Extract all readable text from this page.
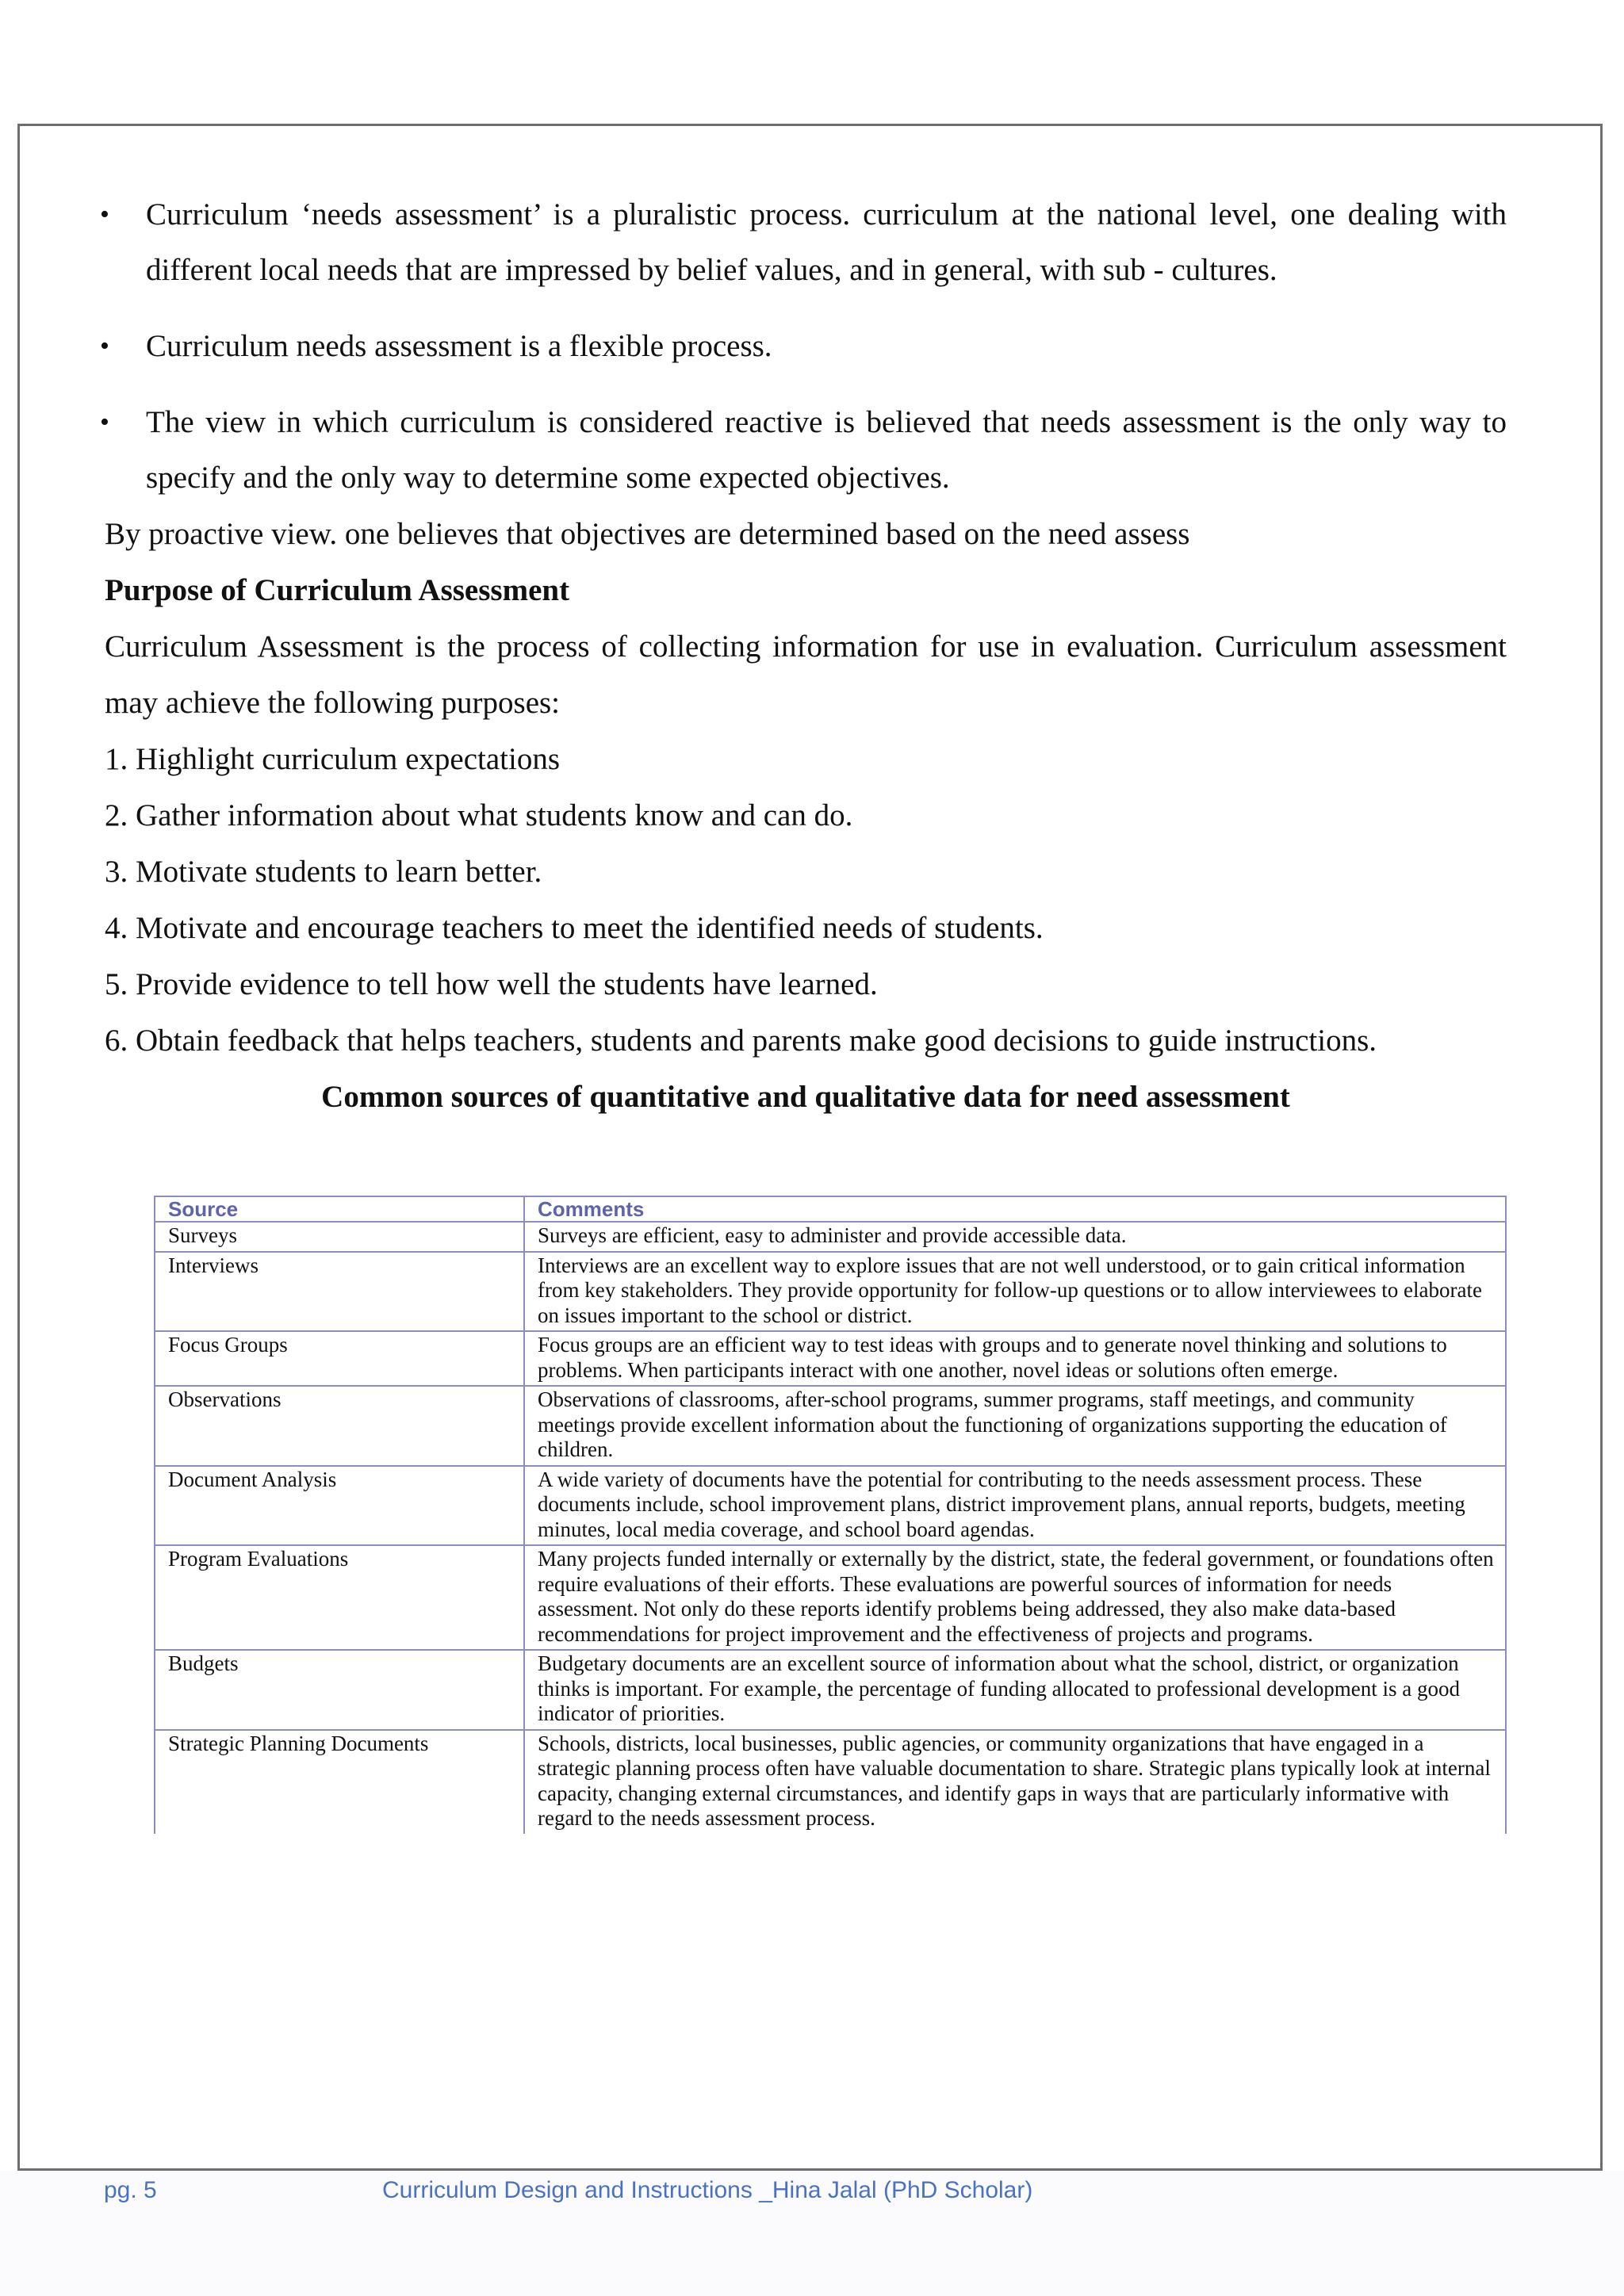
• Curriculum ‘needs assessment’ is a pluralistic process. curriculum at the national level, one dealing with different local needs that are impressed by belief values, and in general, with sub - cultures.
• Curriculum needs assessment is a flexible process.
• The view in which curriculum is considered reactive is believed that needs assessment is the only way to specify and the only way to determine some expected objectives.

By proactive view. one believes that objectives are determined based on the need assess

Purpose of Curriculum Assessment

Curriculum Assessment is the process of collecting information for use in evaluation. Curriculum assessment may achieve the following purposes:

1. Highlight curriculum expectations

2. Gather information about what students know and can do.

3. Motivate students to learn better.

4. Motivate and encourage teachers to meet the identified needs of students.

5. Provide evidence to tell how well the students have learned.

6. Obtain feedback that helps teachers, students and parents make good decisions to guide instructions.

Common sources of quantitative and qualitative data for need assessment

Source	Comments
Surveys	Surveys are efficient, easy to administer and provide accessible data.
Interviews	Interviews are an excellent way to explore issues that are not well understood, or to gain critical information from key stakeholders. They provide opportunity for follow-up questions or to allow interviewees to elaborate on issues important to the school or district.
Focus Groups	Focus groups are an efficient way to test ideas with groups and to generate novel thinking and solutions to problems. When participants interact with one another, novel ideas or solutions often emerge.
Observations	Observations of classrooms, after-school programs, summer programs, staff meetings, and community meetings provide excellent information about the functioning of organizations supporting the education of children.
Document Analysis	A wide variety of documents have the potential for contributing to the needs assessment process. These documents include, school improvement plans, district improvement plans, annual reports, budgets, meeting minutes, local media coverage, and school board agendas.
Program Evaluations	Many projects funded internally or externally by the district, state, the federal government, or foundations often require evaluations of their efforts. These evaluations are powerful sources of information for needs assessment. Not only do these reports identify problems being addressed, they also make data-based recommendations for project improvement and the effectiveness of projects and programs.
Budgets	Budgetary documents are an excellent source of information about what the school, district, or organization thinks is important. For example, the percentage of funding allocated to professional development is a good indicator of priorities.
Strategic Planning Documents	Schools, districts, local businesses, public agencies, or community organizations that have engaged in a strategic planning process often have valuable documentation to share. Strategic plans typically look at internal capacity, changing external circumstances, and identify gaps in ways that are particularly informative with regard to the needs assessment process.
pg. 5	Curriculum Design and Instructions _Hina Jalal (PhD Scholar)
